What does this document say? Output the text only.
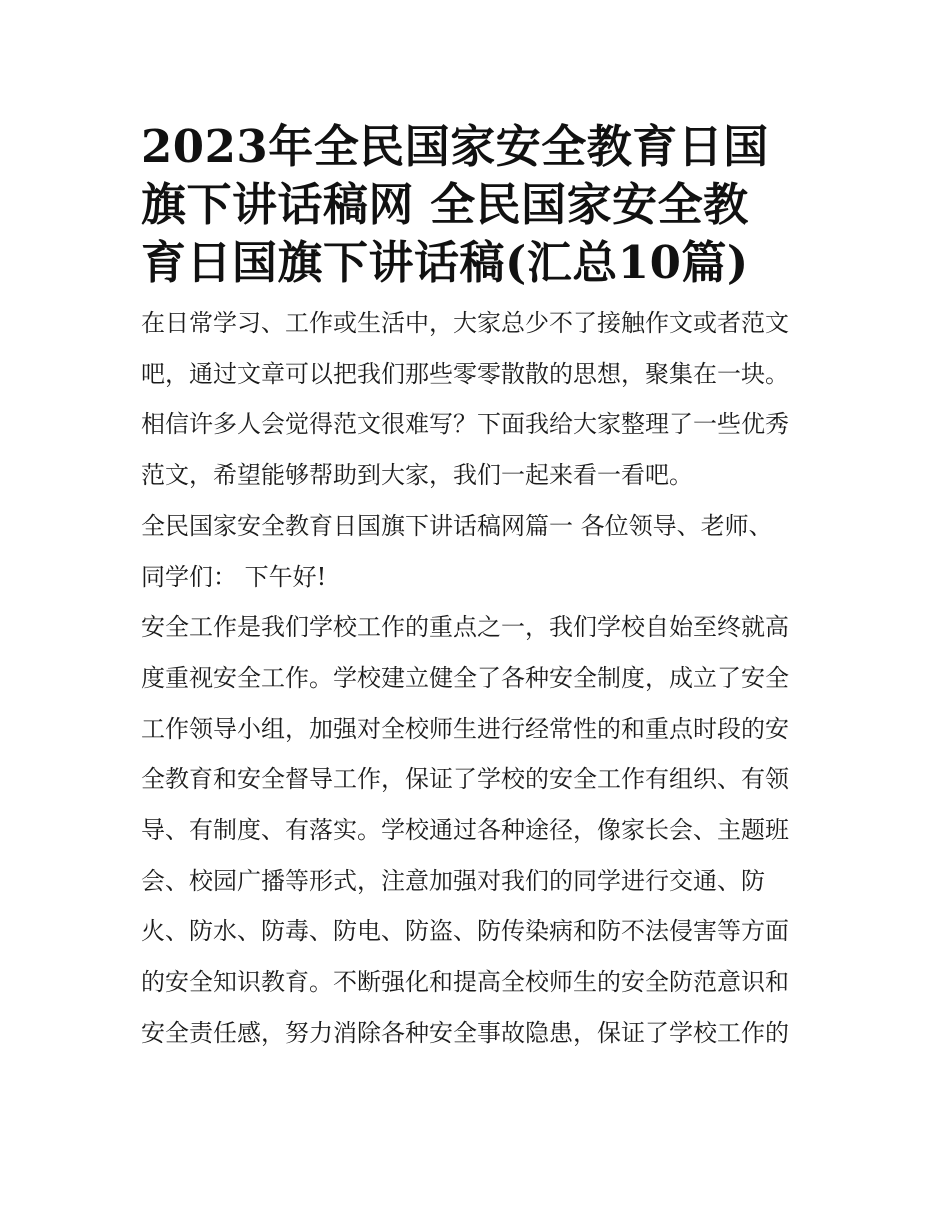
2023年全民国家安全教育日国
旗下讲话稿网 全民国家安全教
育日国旗下讲话稿(汇总10篇)
在日常学习、工作或生活中，大家总少不了接触作文或者范文
吧，通过文章可以把我们那些零零散散的思想，聚集在一块。
相信许多人会觉得范文很难写？下面我给大家整理了一些优秀
范文，希望能够帮助到大家，我们一起来看一看吧。
全民国家安全教育日国旗下讲话稿网篇一 各位领导、老师、
同学们： 下午好!
安全工作是我们学校工作的重点之一，我们学校自始至终就高
度重视安全工作。学校建立健全了各种安全制度，成立了安全
工作领导小组，加强对全校师生进行经常性的和重点时段的安
全教育和安全督导工作，保证了学校的安全工作有组织、有领
导、有制度、有落实。学校通过各种途径，像家长会、主题班
会、校园广播等形式，注意加强对我们的同学进行交通、防
火、防水、防毒、防电、防盗、防传染病和防不法侵害等方面
的安全知识教育。不断强化和提高全校师生的安全防范意识和
安全责任感，努力消除各种安全事故隐患，保证了学校工作的
